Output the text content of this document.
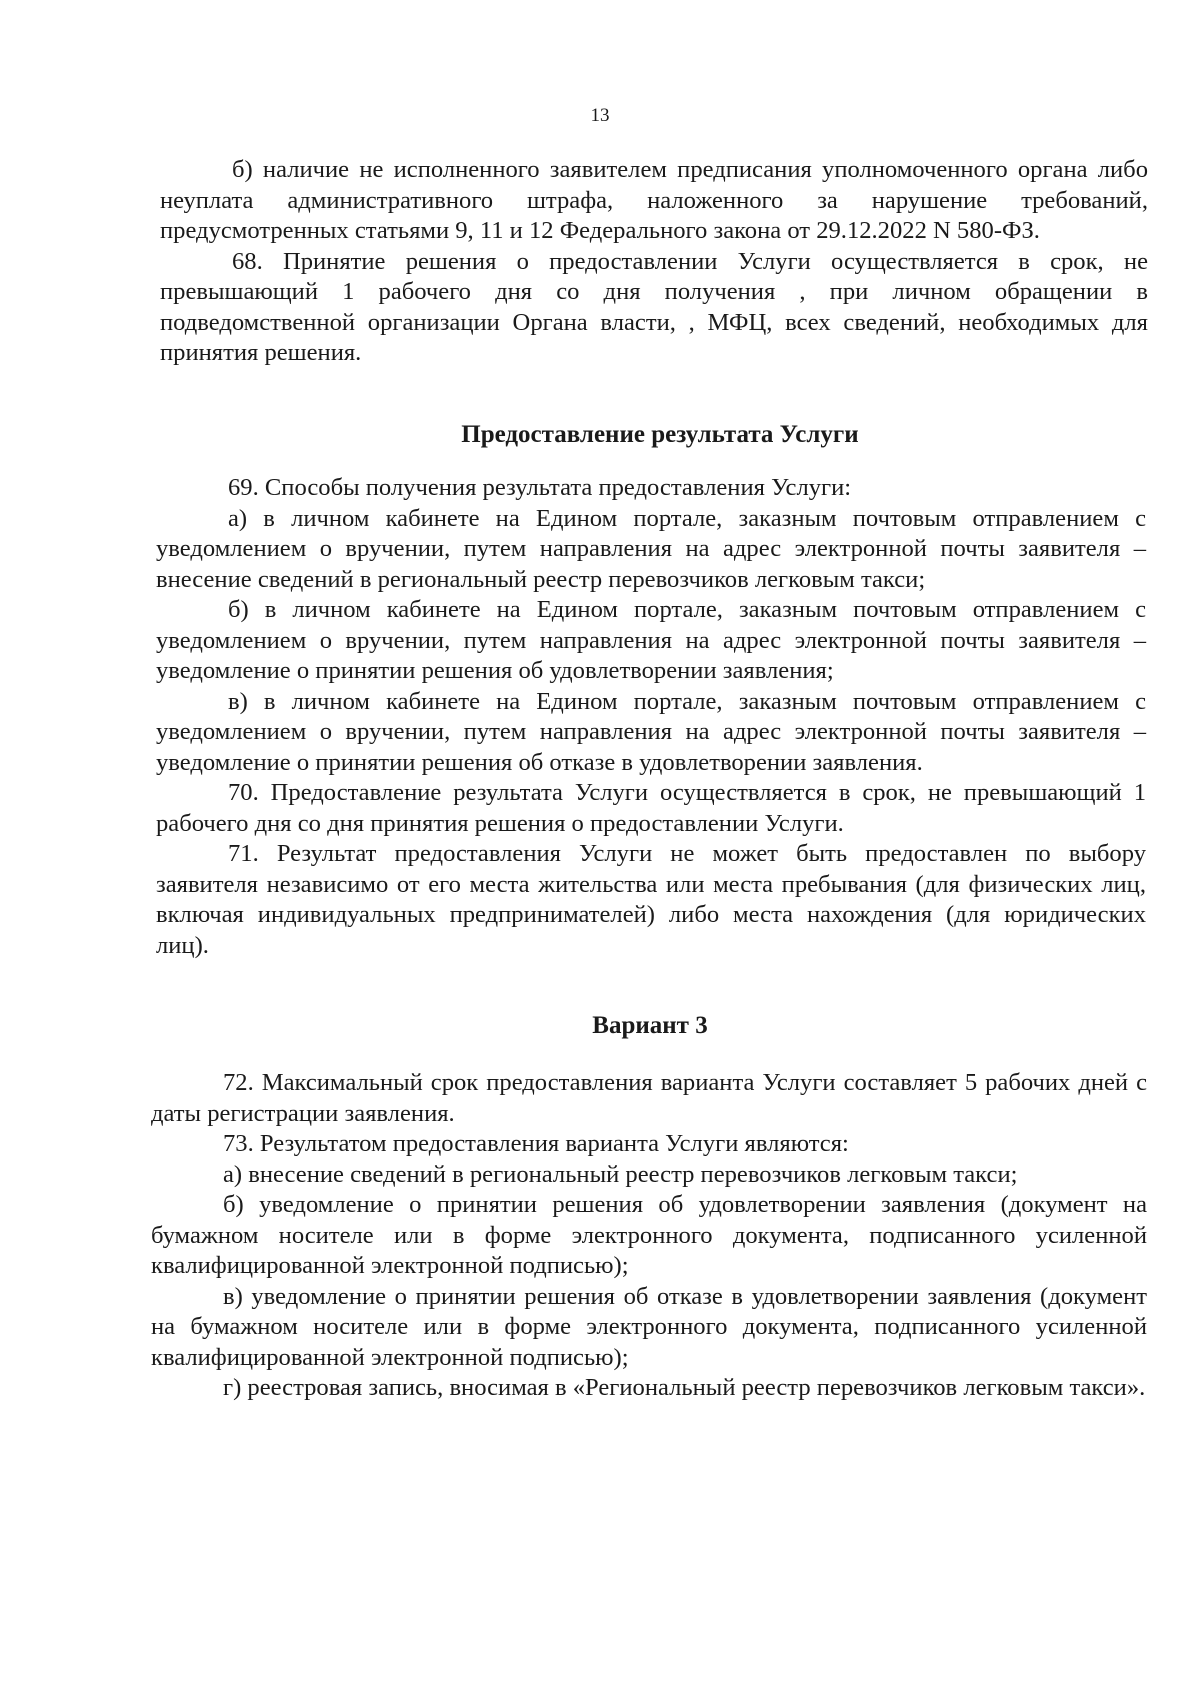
13

б) наличие не исполненного заявителем предписания уполномоченного органа либо неуплата административного штрафа, наложенного за нарушение требований, предусмотренных статьями 9, 11 и 12 Федерального закона от 29.12.2022 N 580-ФЗ.

68. Принятие решения о предоставлении Услуги осуществляется в срок, не превышающий 1 рабочего дня со дня получения , при личном обращении в подведомственной организации Органа власти, , МФЦ, всех сведений, необходимых для принятия решения.

Предоставление результата Услуги

69. Способы получения результата предоставления Услуги:

а) в личном кабинете на Едином портале, заказным почтовым отправлением с уведомлением о вручении, путем направления на адрес электронной почты заявителя – внесение сведений в региональный реестр перевозчиков легковым такси;

б) в личном кабинете на Едином портале, заказным почтовым отправлением с уведомлением о вручении, путем направления на адрес электронной почты заявителя – уведомление о принятии решения об удовлетворении заявления;

в) в личном кабинете на Едином портале, заказным почтовым отправлением с уведомлением о вручении, путем направления на адрес электронной почты заявителя – уведомление о принятии решения об отказе в удовлетворении заявления.

70. Предоставление результата Услуги осуществляется в срок, не превышающий 1 рабочего дня со дня принятия решения о предоставлении Услуги.

71. Результат предоставления Услуги не может быть предоставлен по выбору заявителя независимо от его места жительства или места пребывания (для физических лиц, включая индивидуальных предпринимателей) либо места нахождения (для юридических лиц).

Вариант 3

72. Максимальный срок предоставления варианта Услуги составляет 5 рабочих дней с даты регистрации заявления.

73. Результатом предоставления варианта Услуги являются:

а) внесение сведений в региональный реестр перевозчиков легковым такси;

б) уведомление о принятии решения об удовлетворении заявления (документ на бумажном носителе или в форме электронного документа, подписанного усиленной квалифицированной электронной подписью);

в) уведомление о принятии решения об отказе в удовлетворении заявления (документ на бумажном носителе или в форме электронного документа, подписанного усиленной квалифицированной электронной подписью);

г) реестровая запись, вносимая в «Региональный реестр перевозчиков легковым такси».
